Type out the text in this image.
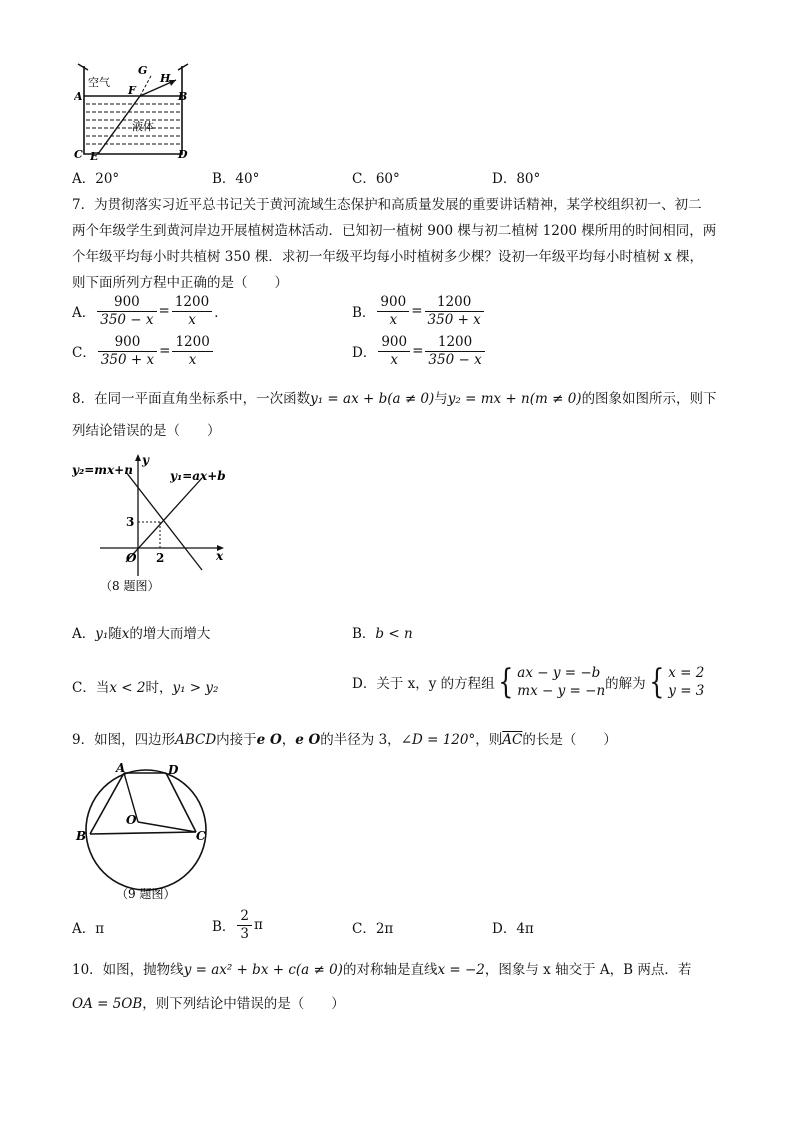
空气
液体
A	B
C	D
E
F
G
H
A．20°	B．40°	C．60°	D．80°
7．为贯彻落实习近平总书记关于黄河流域生态保护和高质量发展的重要讲话精神，某学校组织初一、初二
两个年级学生到黄河岸边开展植树造林活动．已知初一植树 900 棵与初二植树 1200 棵所用的时间相同，两
个年级平均每小时共植树 350 棵．求初一年级平均每小时植树多少棵？设初一年级平均每小时植树 x 棵，
则下面所列方程中正确的是（　　）
A． $\frac{900}{350 - x} = \frac{1200}{x}$ ．	B． $\frac{900}{x} = \frac{1200}{350 + x}$
C． $\frac{900}{350 + x} = \frac{1200}{x}$	D． $\frac{900}{x} = \frac{1200}{350 - x}$
8．在同一平面直角坐标系中，一次函数y₁ = ax + b(a ≠ 0)与y₂ = mx + n(m ≠ 0)的图象如图所示，则下
列结论错误的是（　　）
y₂=mx+n	y₁=ax+b
x
y
O 2
3
（8 题图）
A．y₁随x的增大而增大	B．b < n
C．当x < 2时，y₁ > y₂	D． 关于 x，y 的方程组 { ax − y = −b
mx − y = −n 的解为 { x = 2
y = 3
9．如图，四边形ABCD内接于e O，e O的半径为 3，∠D = 120°，则$\overline{AC}$的长是（　　）
A	D
B	C
O
（9 题图）
A．π	B． $\frac{2}{3}$ π	C．2π	D．4π
10．如图，抛物线y = ax² + bx + c(a ≠ 0)的对称轴是直线x = −2，图象与 x 轴交于 A，B 两点．若
OA = 5OB，则下列结论中错误的是（　　）
